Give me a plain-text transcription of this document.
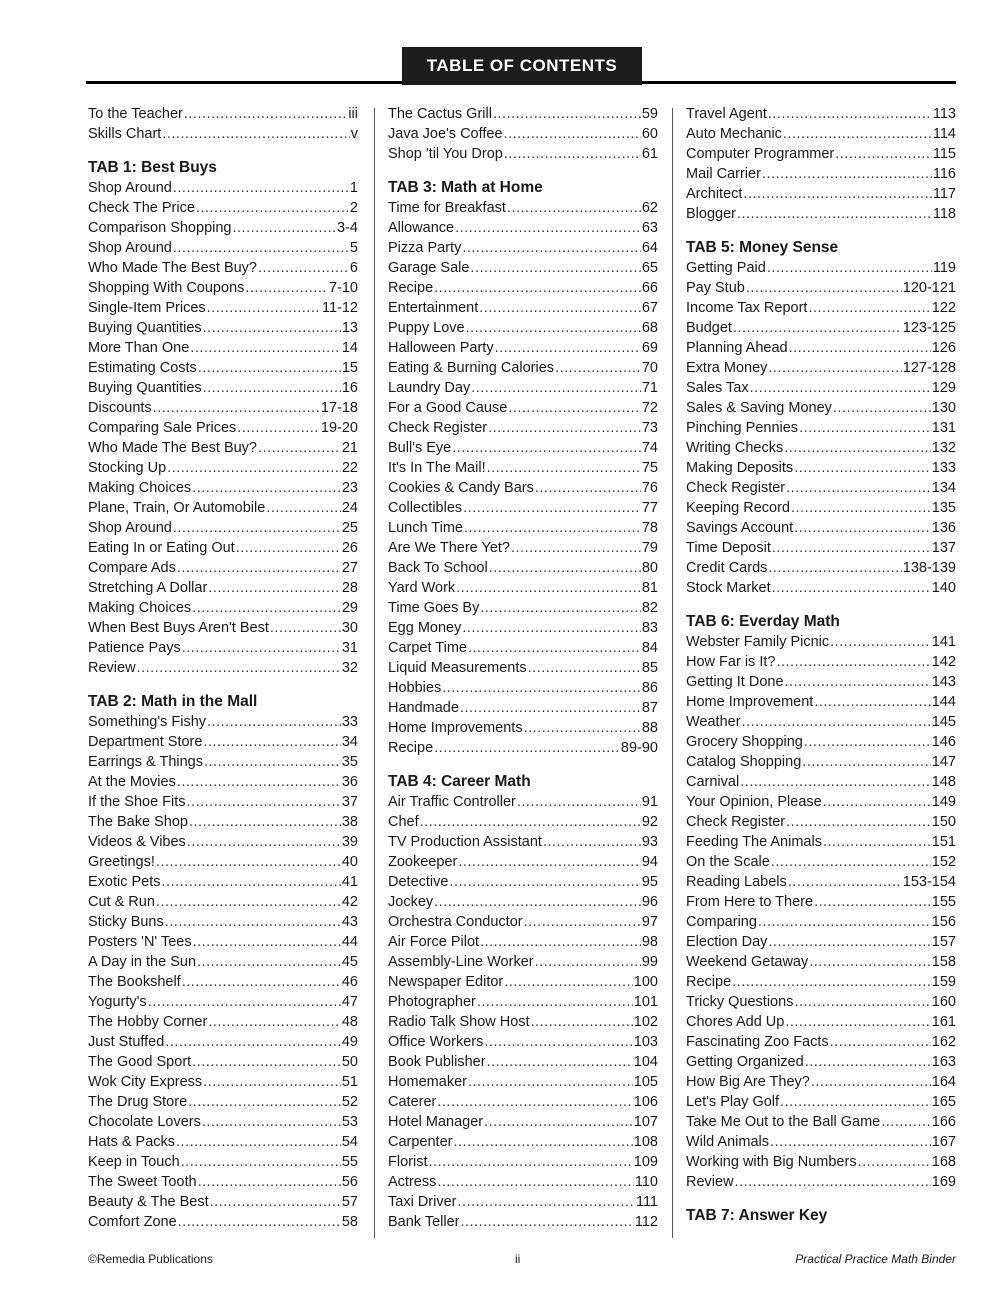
TABLE OF CONTENTS
To the Teacher .....	iii
Skills Chart .....	v
TAB 1: Best Buys
Shop Around .....	1
Check The Price .....	2
Comparison Shopping .....	3-4
Shop Around .....	5
Who Made The Best Buy? .....	6
Shopping With Coupons .....	7-10
Single-Item Prices .....	11-12
Buying Quantities .....	13
More Than One .....	14
Estimating Costs .....	15
Buying Quantities .....	16
Discounts .....	17-18
Comparing Sale Prices .....	19-20
Who Made The Best Buy? .....	21
Stocking Up .....	22
Making Choices .....	23
Plane, Train, Or Automobile .....	24
Shop Around .....	25
Eating In or Eating Out .....	26
Compare Ads .....	27
Stretching A Dollar .....	28
Making Choices .....	29
When Best Buys Aren't Best .....	30
Patience Pays .....	31
Review .....	32
TAB 2: Math in the Mall
Something's Fishy .....	33
Department Store .....	34
Earrings & Things .....	35
At the Movies .....	36
If the Shoe Fits .....	37
The Bake Shop .....	38
Videos & Vibes .....	39
Greetings! .....	40
Exotic Pets .....	41
Cut & Run .....	42
Sticky Buns .....	43
Posters 'N' Tees .....	44
A Day in the Sun .....	45
The Bookshelf .....	46
Yogurty's .....	47
The Hobby Corner .....	48
Just Stuffed .....	49
The Good Sport .....	50
Wok City Express .....	51
The Drug Store .....	52
Chocolate Lovers .....	53
Hats & Packs .....	54
Keep in Touch .....	55
The Sweet Tooth .....	56
Beauty & The Best .....	57
Comfort Zone .....	58
The Cactus Grill .....	59
Java Joe's Coffee .....	60
Shop 'til You Drop .....	61
TAB 3: Math at Home
Time for Breakfast .....	62
Allowance .....	63
Pizza Party .....	64
Garage Sale .....	65
Recipe .....	66
Entertainment .....	67
Puppy Love .....	68
Halloween Party .....	69
Eating & Burning Calories .....	70
Laundry Day .....	71
For a Good Cause .....	72
Check Register .....	73
Bull's Eye .....	74
It's In The Mail! .....	75
Cookies & Candy Bars .....	76
Collectibles .....	77
Lunch Time .....	78
Are We There Yet? .....	79
Back To School .....	80
Yard Work .....	81
Time Goes By .....	82
Egg Money .....	83
Carpet Time .....	84
Liquid Measurements .....	85
Hobbies .....	86
Handmade .....	87
Home Improvements .....	88
Recipe .....	89-90
TAB 4: Career Math
Air Traffic Controller .....	91
Chef .....	92
TV Production Assistant .....	93
Zookeeper .....	94
Detective .....	95
Jockey .....	96
Orchestra Conductor .....	97
Air Force Pilot .....	98
Assembly-Line Worker .....	99
Newspaper Editor .....	100
Photographer .....	101
Radio Talk Show Host .....	102
Office Workers .....	103
Book Publisher .....	104
Homemaker .....	105
Caterer .....	106
Hotel Manager .....	107
Carpenter .....	108
Florist .....	109
Actress .....	110
Taxi Driver .....	111
Bank Teller .....	112
Travel Agent .....	113
Auto Mechanic .....	114
Computer Programmer .....	115
Mail Carrier .....	116
Architect .....	117
Blogger .....	118
TAB 5: Money Sense
Getting Paid .....	119
Pay Stub .....	120-121
Income Tax Report .....	122
Budget .....	123-125
Planning Ahead .....	126
Extra Money .....	127-128
Sales Tax .....	129
Sales & Saving Money .....	130
Pinching Pennies .....	131
Writing Checks .....	132
Making Deposits .....	133
Check Register .....	134
Keeping Record .....	135
Savings Account .....	136
Time Deposit .....	137
Credit Cards .....	138-139
Stock Market .....	140
TAB 6: Everday Math
Webster Family Picnic .....	141
How Far is It? .....	142
Getting It Done .....	143
Home Improvement .....	144
Weather .....	145
Grocery Shopping .....	146
Catalog Shopping .....	147
Carnival .....	148
Your Opinion, Please .....	149
Check Register .....	150
Feeding The Animals .....	151
On the Scale .....	152
Reading Labels .....	153-154
From Here to There .....	155
Comparing .....	156
Election Day .....	157
Weekend Getaway .....	158
Recipe .....	159
Tricky Questions .....	160
Chores Add Up .....	161
Fascinating Zoo Facts .....	162
Getting Organized .....	163
How Big Are They? .....	164
Let's Play Golf .....	165
Take Me Out to the Ball Game .....	166
Wild Animals .....	167
Working with Big Numbers .....	168
Review .....	169
TAB 7: Answer Key
©Remedia Publications	ii	Practical Practice Math Binder
